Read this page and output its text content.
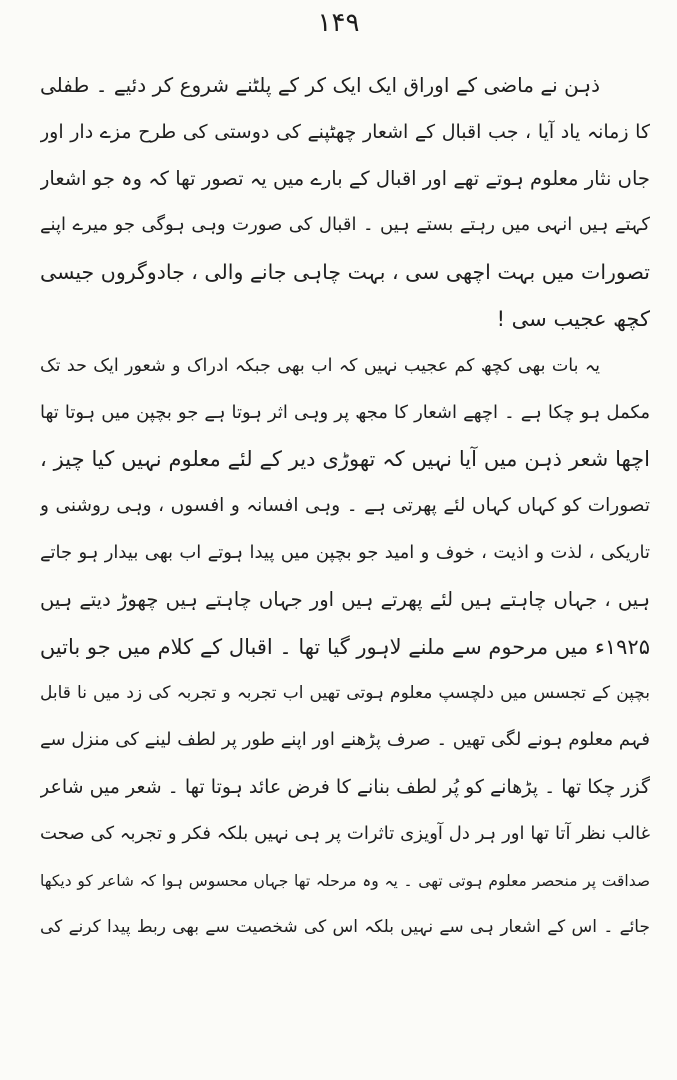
۱۴۹
ذہن نے ماضی کے اوراق ایک ایک کر کے پلٹنے شروع کر دئیے ۔ طفلی
کا زمانہ یاد آیا ، جب اقبال کے اشعار چھٹپنے کی دوستی کی طرح مزے دار اور
جاں نثار معلوم ہوتے تھے اور اقبال کے بارے میں یہ تصور تھا کہ وہ جو اشعار
کہتے ہیں انہی میں رہتے بستے ہیں ۔ اقبال کی صورت وہی ہوگی جو میرے اپنے
تصورات میں بہت اچھی سی ، بہت چاہی جانے والی ، جادوگروں جیسی
کچھ عجیب سی !
یہ بات بھی کچھ کم عجیب نہیں کہ اب بھی جبکہ ادراک و شعور ایک حد تک
مکمل ہو چکا ہے ۔ اچھے اشعار کا مجھ پر وہی اثر ہوتا ہے جو بچپن میں ہوتا تھا
اچھا شعر ذہن میں آیا نہیں کہ تھوڑی دیر کے لئے معلوم نہیں کیا چیز ،
تصورات کو کہاں کہاں لئے پھرتی ہے ۔ وہی افسانہ و افسوں ، وہی روشنی و
تاریکی ، لذت و اذیت ، خوف و امید جو بچپن میں پیدا ہوتے اب بھی بیدار ہو جاتے
ہیں ، جہاں چاہتے ہیں لئے پھرتے ہیں اور جہاں چاہتے ہیں چھوڑ دیتے ہیں
۱۹۲۵ء میں مرحوم سے ملنے لاہور گیا تھا ۔ اقبال کے کلام میں جو باتیں
بچپن کے تجسس میں دلچسپ معلوم ہوتی تھیں اب تجربہ و تجربہ کی زد میں نا قابل
فہم معلوم ہونے لگی تھیں ۔ صرف پڑھنے اور اپنے طور پر لطف لینے کی منزل سے
گزر چکا تھا ۔ پڑھانے کو پُر لطف بنانے کا فرض عائد ہوتا تھا ۔ شعر میں شاعر
غالب نظر آتا تھا اور ہر دل آویزی تاثرات پر ہی نہیں بلکہ فکر و تجربہ کی صحت
صداقت پر منحصر معلوم ہوتی تھی ۔ یہ وہ مرحلہ تھا جہاں محسوس ہوا کہ شاعر کو دیکھا
جائے ۔ اس کے اشعار ہی سے نہیں بلکہ اس کی شخصیت سے بھی ربط پیدا کرنے کی
